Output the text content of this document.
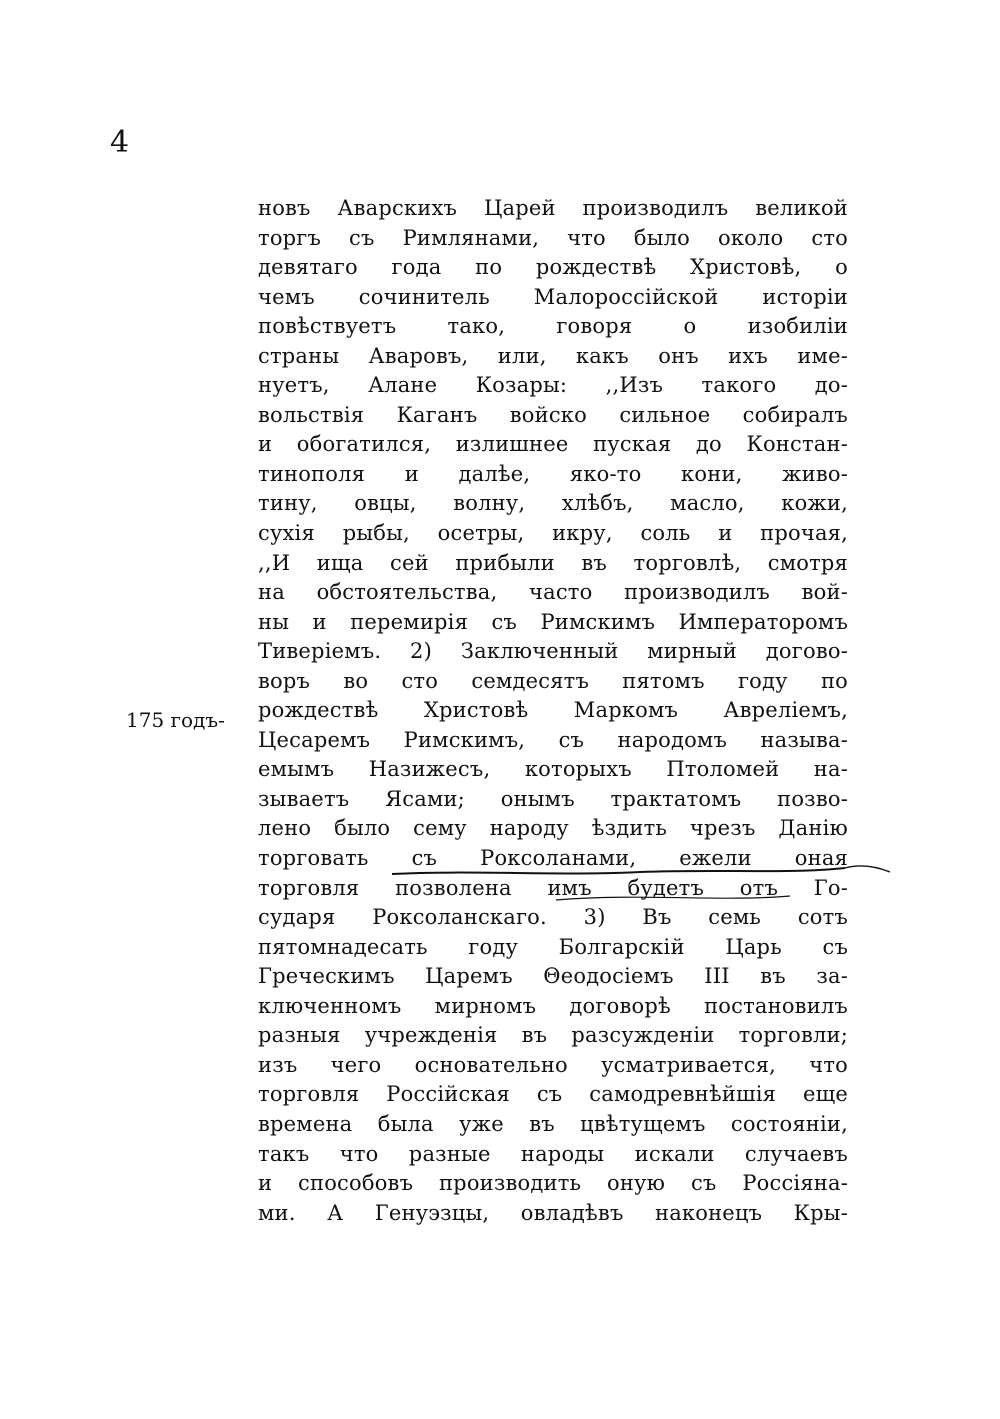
4
175 годъ-
новъ Аварскихъ Царей производилъ великой
торгъ съ Римлянами, что было около сто
девятаго года по рождествѣ Христовѣ, о
чемъ сочинитель Малороссійской исторіи
повѣствуетъ тако, говоря о изобиліи
страны Аваровъ, или, какъ онъ ихъ име-
нуетъ, Алане Козары: ,,Изъ такого до-
вольствія Каганъ войско сильное собиралъ
и обогатился, излишнее пуская до Констан-
тинополя и далѣе, яко-то кони, живо-
тину, овцы, волну, хлѣбъ, масло, кожи,
сухія рыбы, осетры, икру, соль и прочая,
,,И ища сей прибыли въ торговлѣ, смотря
на обстоятельства, часто производилъ вой-
ны и перемирія съ Римскимъ Императоромъ
Тиверіемъ. 2) Заключенный мирный догово-
воръ во сто семдесятъ пятомъ году по
рождествѣ Христовѣ Маркомъ Авреліемъ,
Цесаремъ Римскимъ, съ народомъ называ-
емымъ Назижесъ, которыхъ Птоломей на-
зываетъ Ясами; онымъ трактатомъ позво-
лено было сему народу ѣздить чрезъ Данію
торговать съ Роксоланами, ежели оная
торговля позволена имъ будетъ отъ Го-
сударя Роксоланскаго. 3) Въ семь сотъ
пятомнадесать году Болгарскій Царь съ
Греческимъ Царемъ Θеодосіемъ III въ за-
ключенномъ мирномъ договорѣ постановилъ
разныя учрежденія въ разсужденіи торговли;
изъ чего основательно усматривается, что
торговля Россійская съ самодревнѣйшія еще
времена была уже въ цвѣтущемъ состояніи,
такъ что разные народы искали случаевъ
и способовъ производить оную съ Россіяна-
ми. А Генуэзцы, овладѣвъ наконецъ Кры-
